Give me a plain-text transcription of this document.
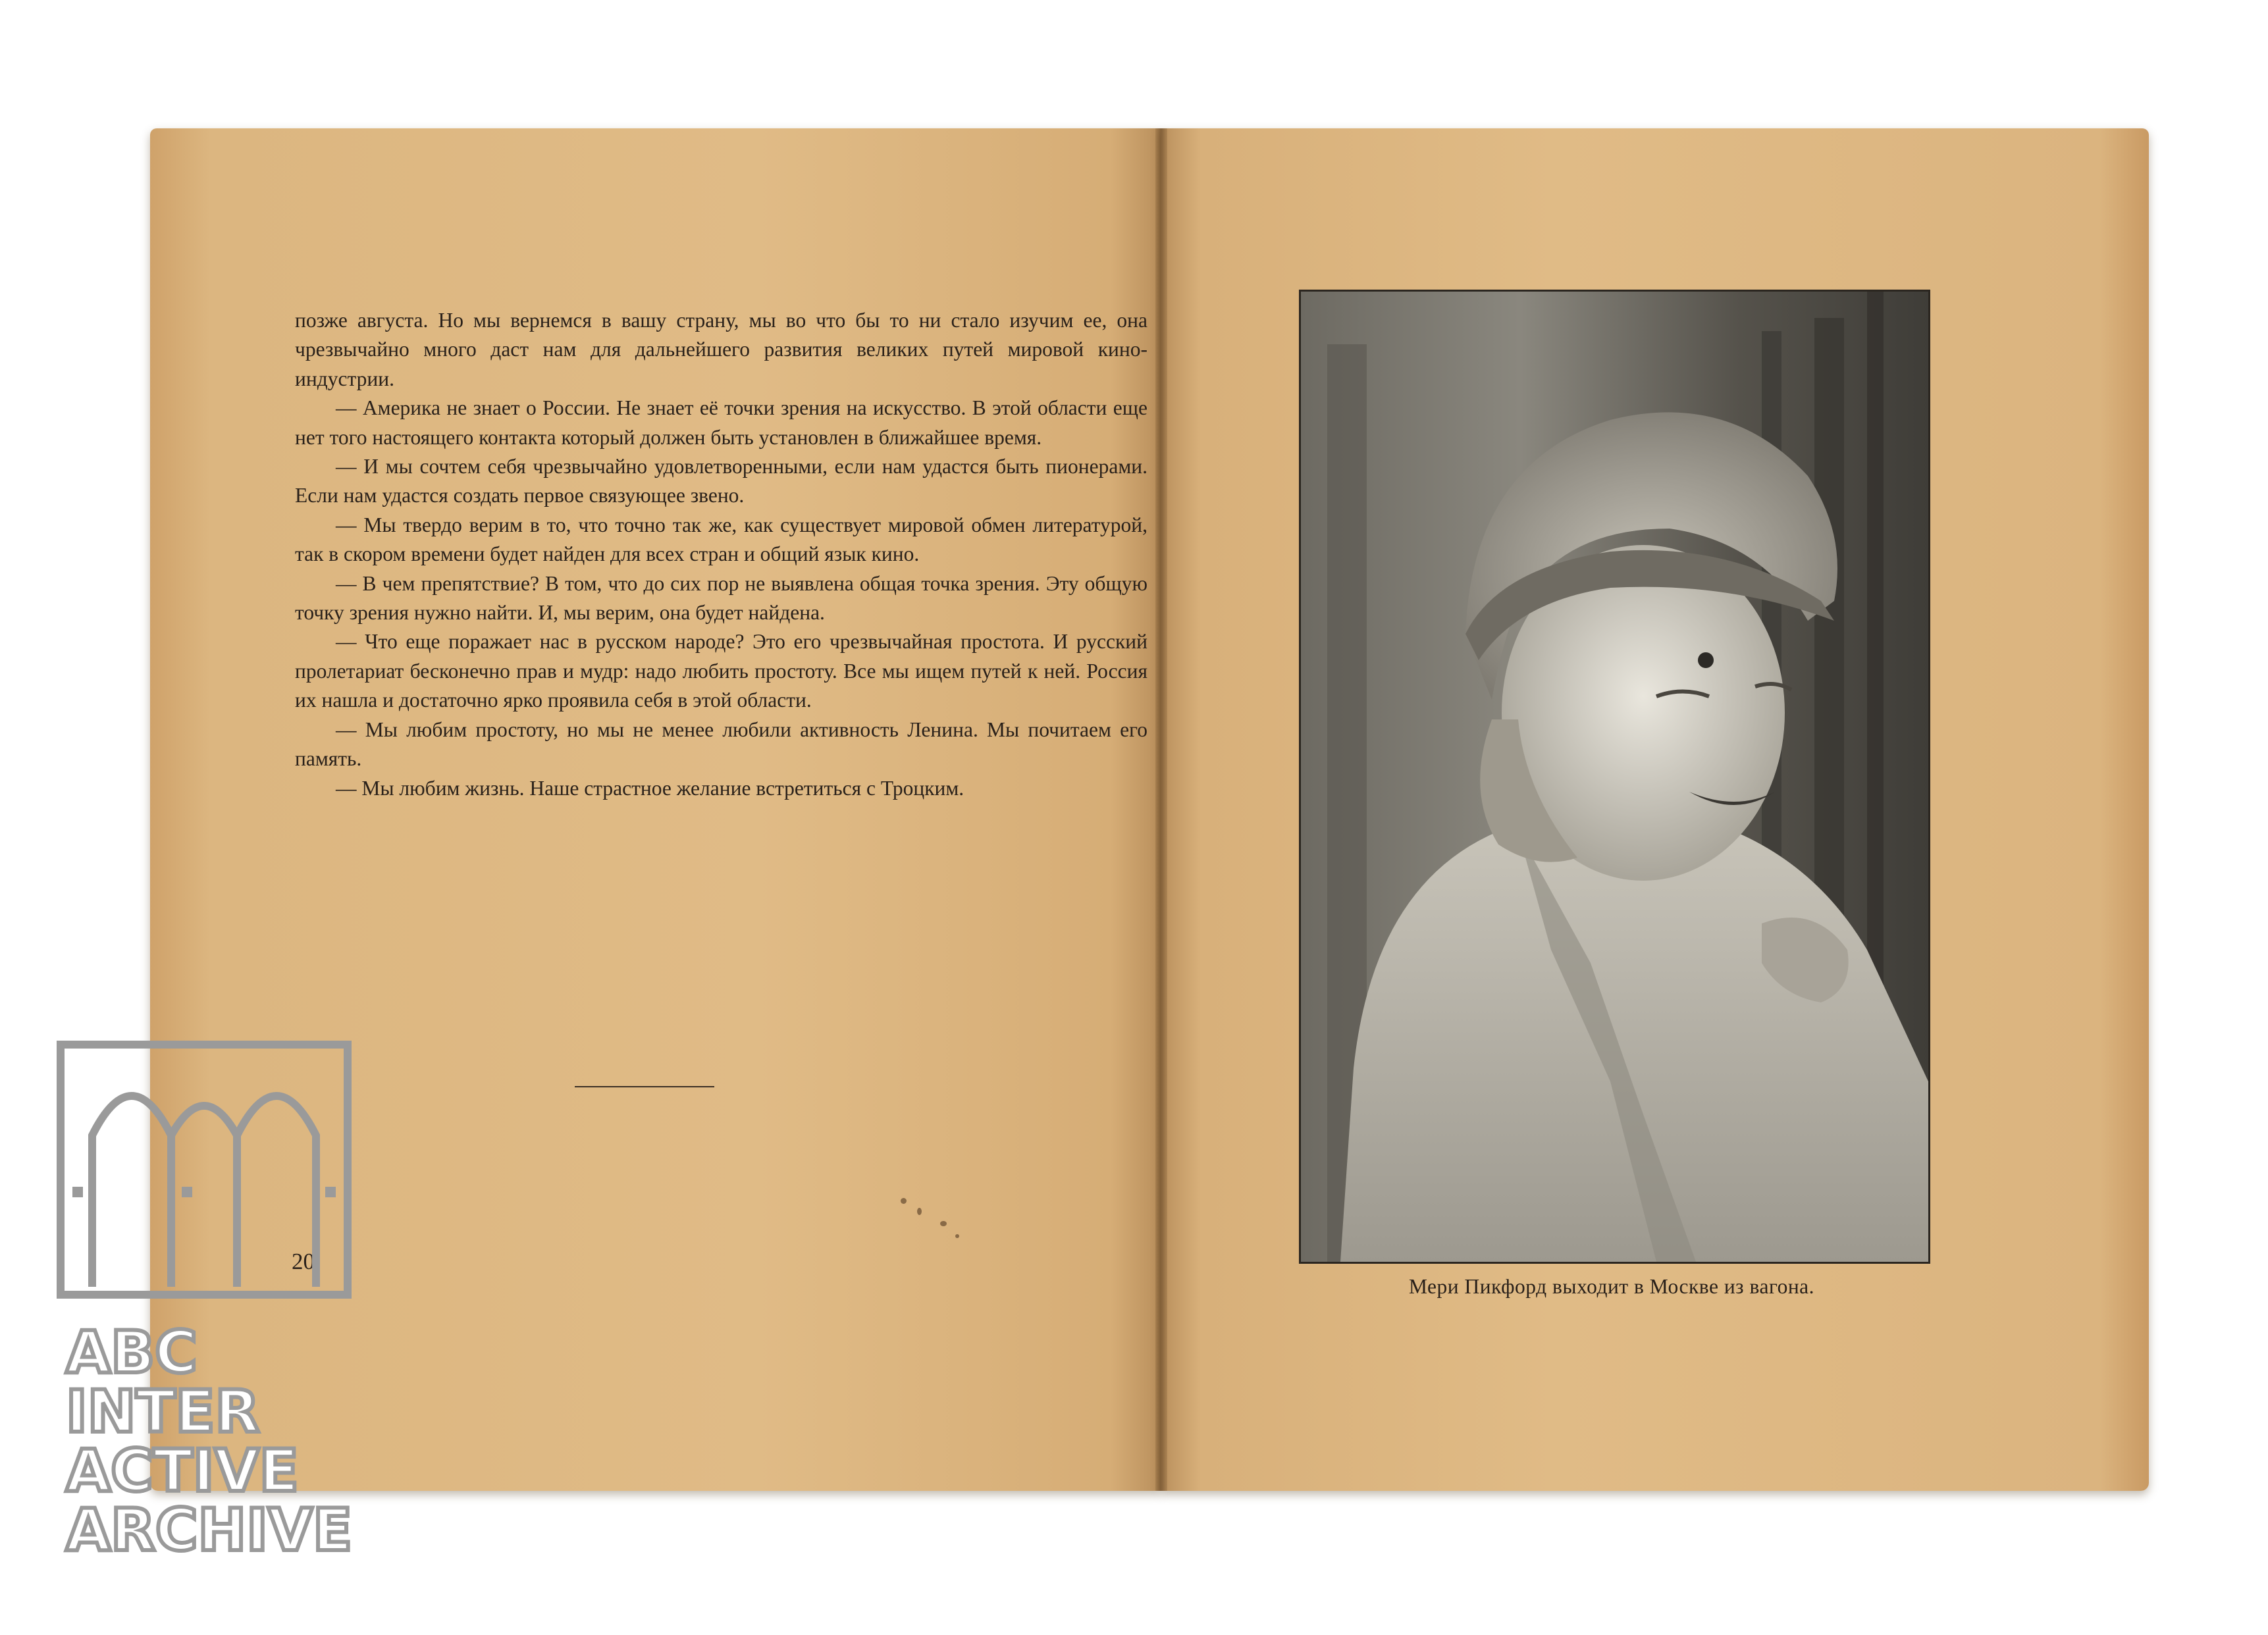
позже августа. Но мы вернемся в вашу страну, мы во что бы то ни стало изучим ее, она чрезвычайно много даст нам для дальнейшего развития великих путей мировой кино-индустрии.

— Америка не знает о России. Не знает её точки зрения на искусство. В этой области еще нет того настоящего контакта который должен быть установлен в ближайшее время.

— И мы сочтем себя чрезвычайно удовлетворенными, если нам удастся быть пионерами. Если нам удастся создать первое связующее звено.

— Мы твердо верим в то, что точно так же, как существует мировой обмен литературой, так в скором времени будет найден для всех стран и общий язык кино.

— В чем препятствие? В том, что до сих пор не выявлена общая точка зрения. Эту общую точку зрения нужно найти. И, мы верим, она будет найдена.

— Что еще поражает нас в русском народе? Это его чрезвычайная простота. И русский пролетариат бесконечно прав и мудр: надо любить простоту. Все мы ищем путей к ней. Россия их нашла и достаточно ярко проявила себя в этой области.

— Мы любим простоту, но мы не менее любили активность Ленина. Мы почитаем его память.

— Мы любим жизнь. Наше страстное желание встретиться с Троцким.

20
Мери Пикфорд выходит в Москве из вагона.
ABC
INTER
ACTIVE
ARCHIVE
